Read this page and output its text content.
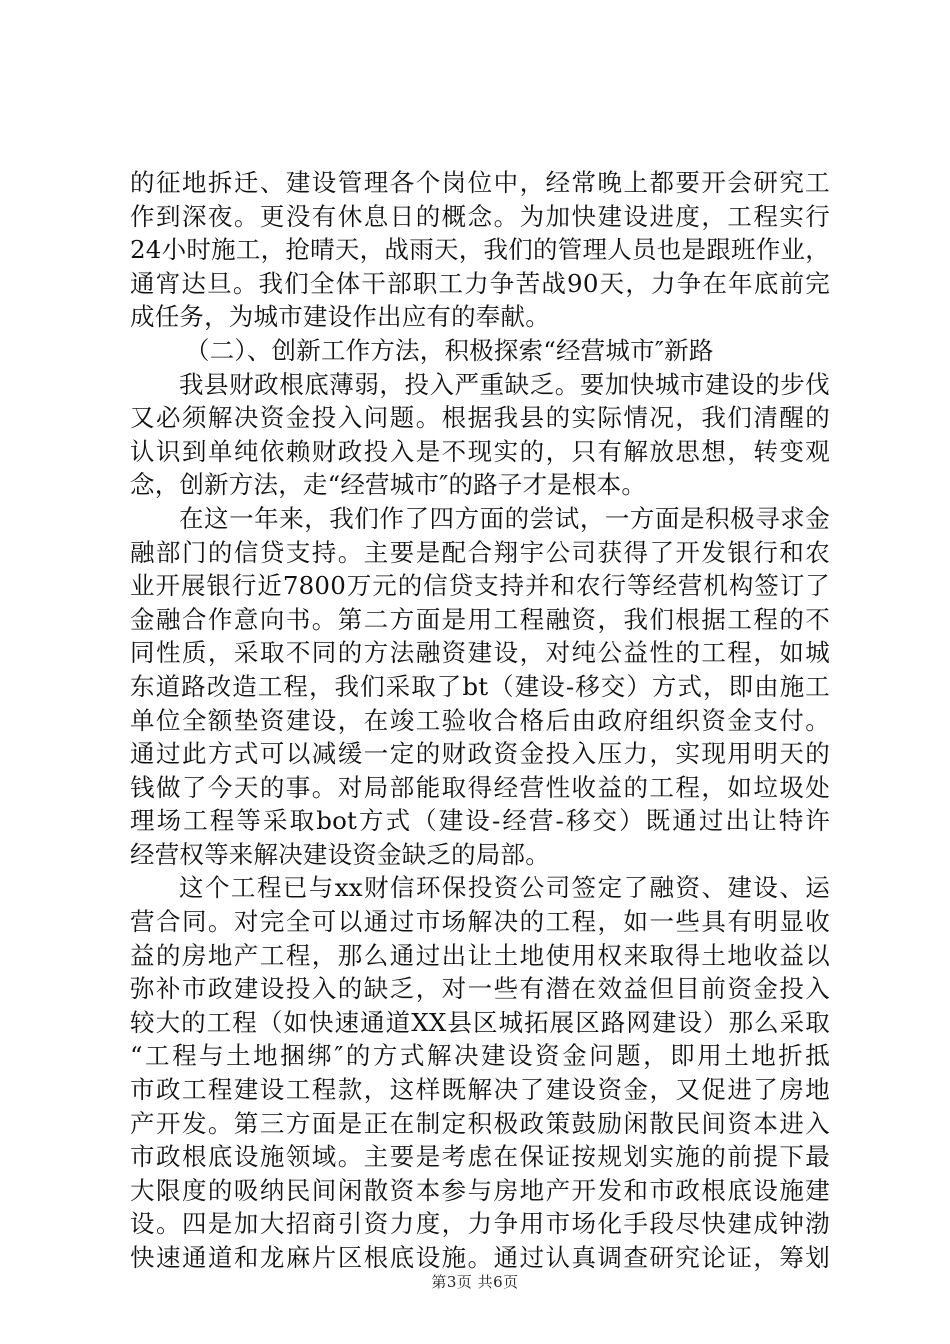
的征地拆迁、建设管理各个岗位中，经常晚上都要开会研究工
作到深夜。更没有休息日的概念。为加快建设进度，工程实行
24小时施工，抢晴天，战雨天，我们的管理人员也是跟班作业，
通宵达旦。我们全体干部职工力争苦战90天，力争在年底前完
成任务，为城市建设作出应有的奉献。
（二）、创新工作方法，积极探索“经营城市″新路
我县财政根底薄弱，投入严重缺乏。要加快城市建设的步伐
又必须解决资金投入问题。根据我县的实际情况，我们清醒的
认识到单纯依赖财政投入是不现实的，只有解放思想，转变观
念，创新方法，走“经营城市″的路子才是根本。
在这一年来，我们作了四方面的尝试，一方面是积极寻求金
融部门的信贷支持。主要是配合翔宇公司获得了开发银行和农
业开展银行近7800万元的信贷支持并和农行等经营机构签订了
金融合作意向书。第二方面是用工程融资，我们根据工程的不
同性质，采取不同的方法融资建设，对纯公益性的工程，如城
东道路改造工程，我们采取了bt（建设-移交）方式，即由施工
单位全额垫资建设，在竣工验收合格后由政府组织资金支付。
通过此方式可以减缓一定的财政资金投入压力，实现用明天的
钱做了今天的事。对局部能取得经营性收益的工程，如垃圾处
理场工程等采取bot方式（建设-经营-移交）既通过出让特许
经营权等来解决建设资金缺乏的局部。
这个工程已与xx财信环保投资公司签定了融资、建设、运
营合同。对完全可以通过市场解决的工程，如一些具有明显收
益的房地产工程，那么通过出让土地使用权来取得土地收益以
弥补市政建设投入的缺乏，对一些有潜在效益但目前资金投入
较大的工程（如快速通道XX县区城拓展区路网建设）那么采取
“工程与土地捆绑″的方式解决建设资金问题，即用土地折抵
市政工程建设工程款，这样既解决了建设资金，又促进了房地
产开发。第三方面是正在制定积极政策鼓励闲散民间资本进入
市政根底设施领域。主要是考虑在保证按规划实施的前提下最
大限度的吸纳民间闲散资本参与房地产开发和市政根底设施建
设。四是加大招商引资力度，力争用市场化手段尽快建成钟渤
快速通道和龙麻片区根底设施。通过认真调查研究论证，筹划
第3页 共6页
